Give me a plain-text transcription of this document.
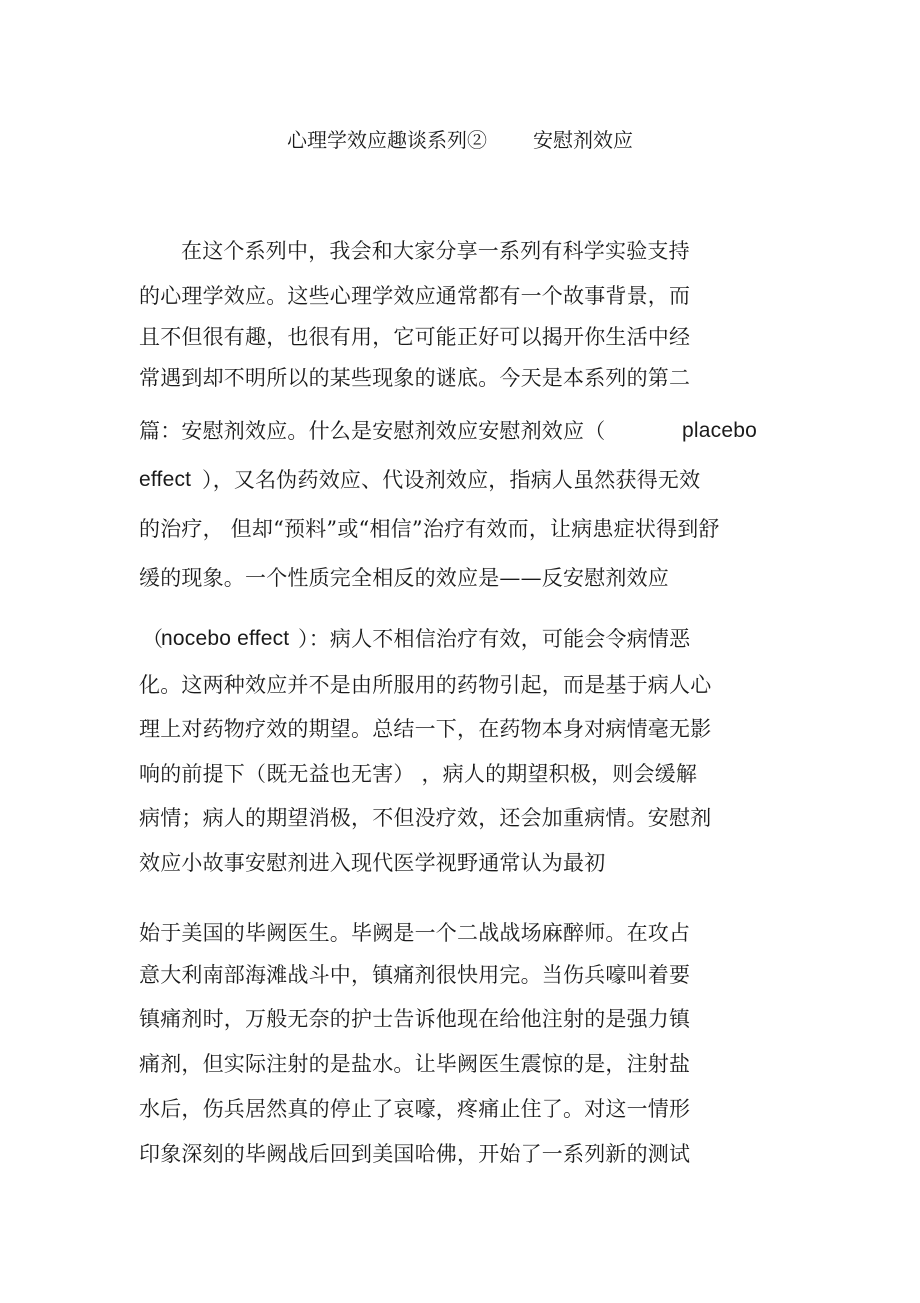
心理学效应趣谈系列② 安慰剂效应
在这个系列中，我会和大家分享一系列有科学实验支持
的心理学效应。这些心理学效应通常都有一个故事背景，而
且不但很有趣，也很有用，它可能正好可以揭开你生活中经
常遇到却不明所以的某些现象的谜底。今天是本系列的第二
篇：安慰剂效应。什么是安慰剂效应安慰剂效应（	placebo
effect ），又名伪药效应、代设剂效应，指病人虽然获得无效
的治疗， 但却“预料”或“相信”治疗有效而，让病患症状得到舒
缓的现象。一个性质完全相反的效应是——反安慰剂效应
（
nocebo effect ）：病人不相信治疗有效，可能会令病情恶
化。这两种效应并不是由所服用的药物引起，而是基于病人心
理上对药物疗效的期望。总结一下，在药物本身对病情毫无影
响的前提下（既无益也无害） ，病人的期望积极，则会缓解
病情；病人的期望消极，不但没疗效，还会加重病情。安慰剂
效应小故事安慰剂进入现代医学视野通常认为最初
始于美国的毕阙医生。毕阙是一个二战战场麻醉师。在攻占
意大利南部海滩战斗中，镇痛剂很快用完。当伤兵嚎叫着要
镇痛剂时，万般无奈的护士告诉他现在给他注射的是强力镇
痛剂，但实际注射的是盐水。让毕阙医生震惊的是，注射盐
水后，伤兵居然真的停止了哀嚎，疼痛止住了。对这一情形
印象深刻的毕阙战后回到美国哈佛，开始了一系列新的测试
